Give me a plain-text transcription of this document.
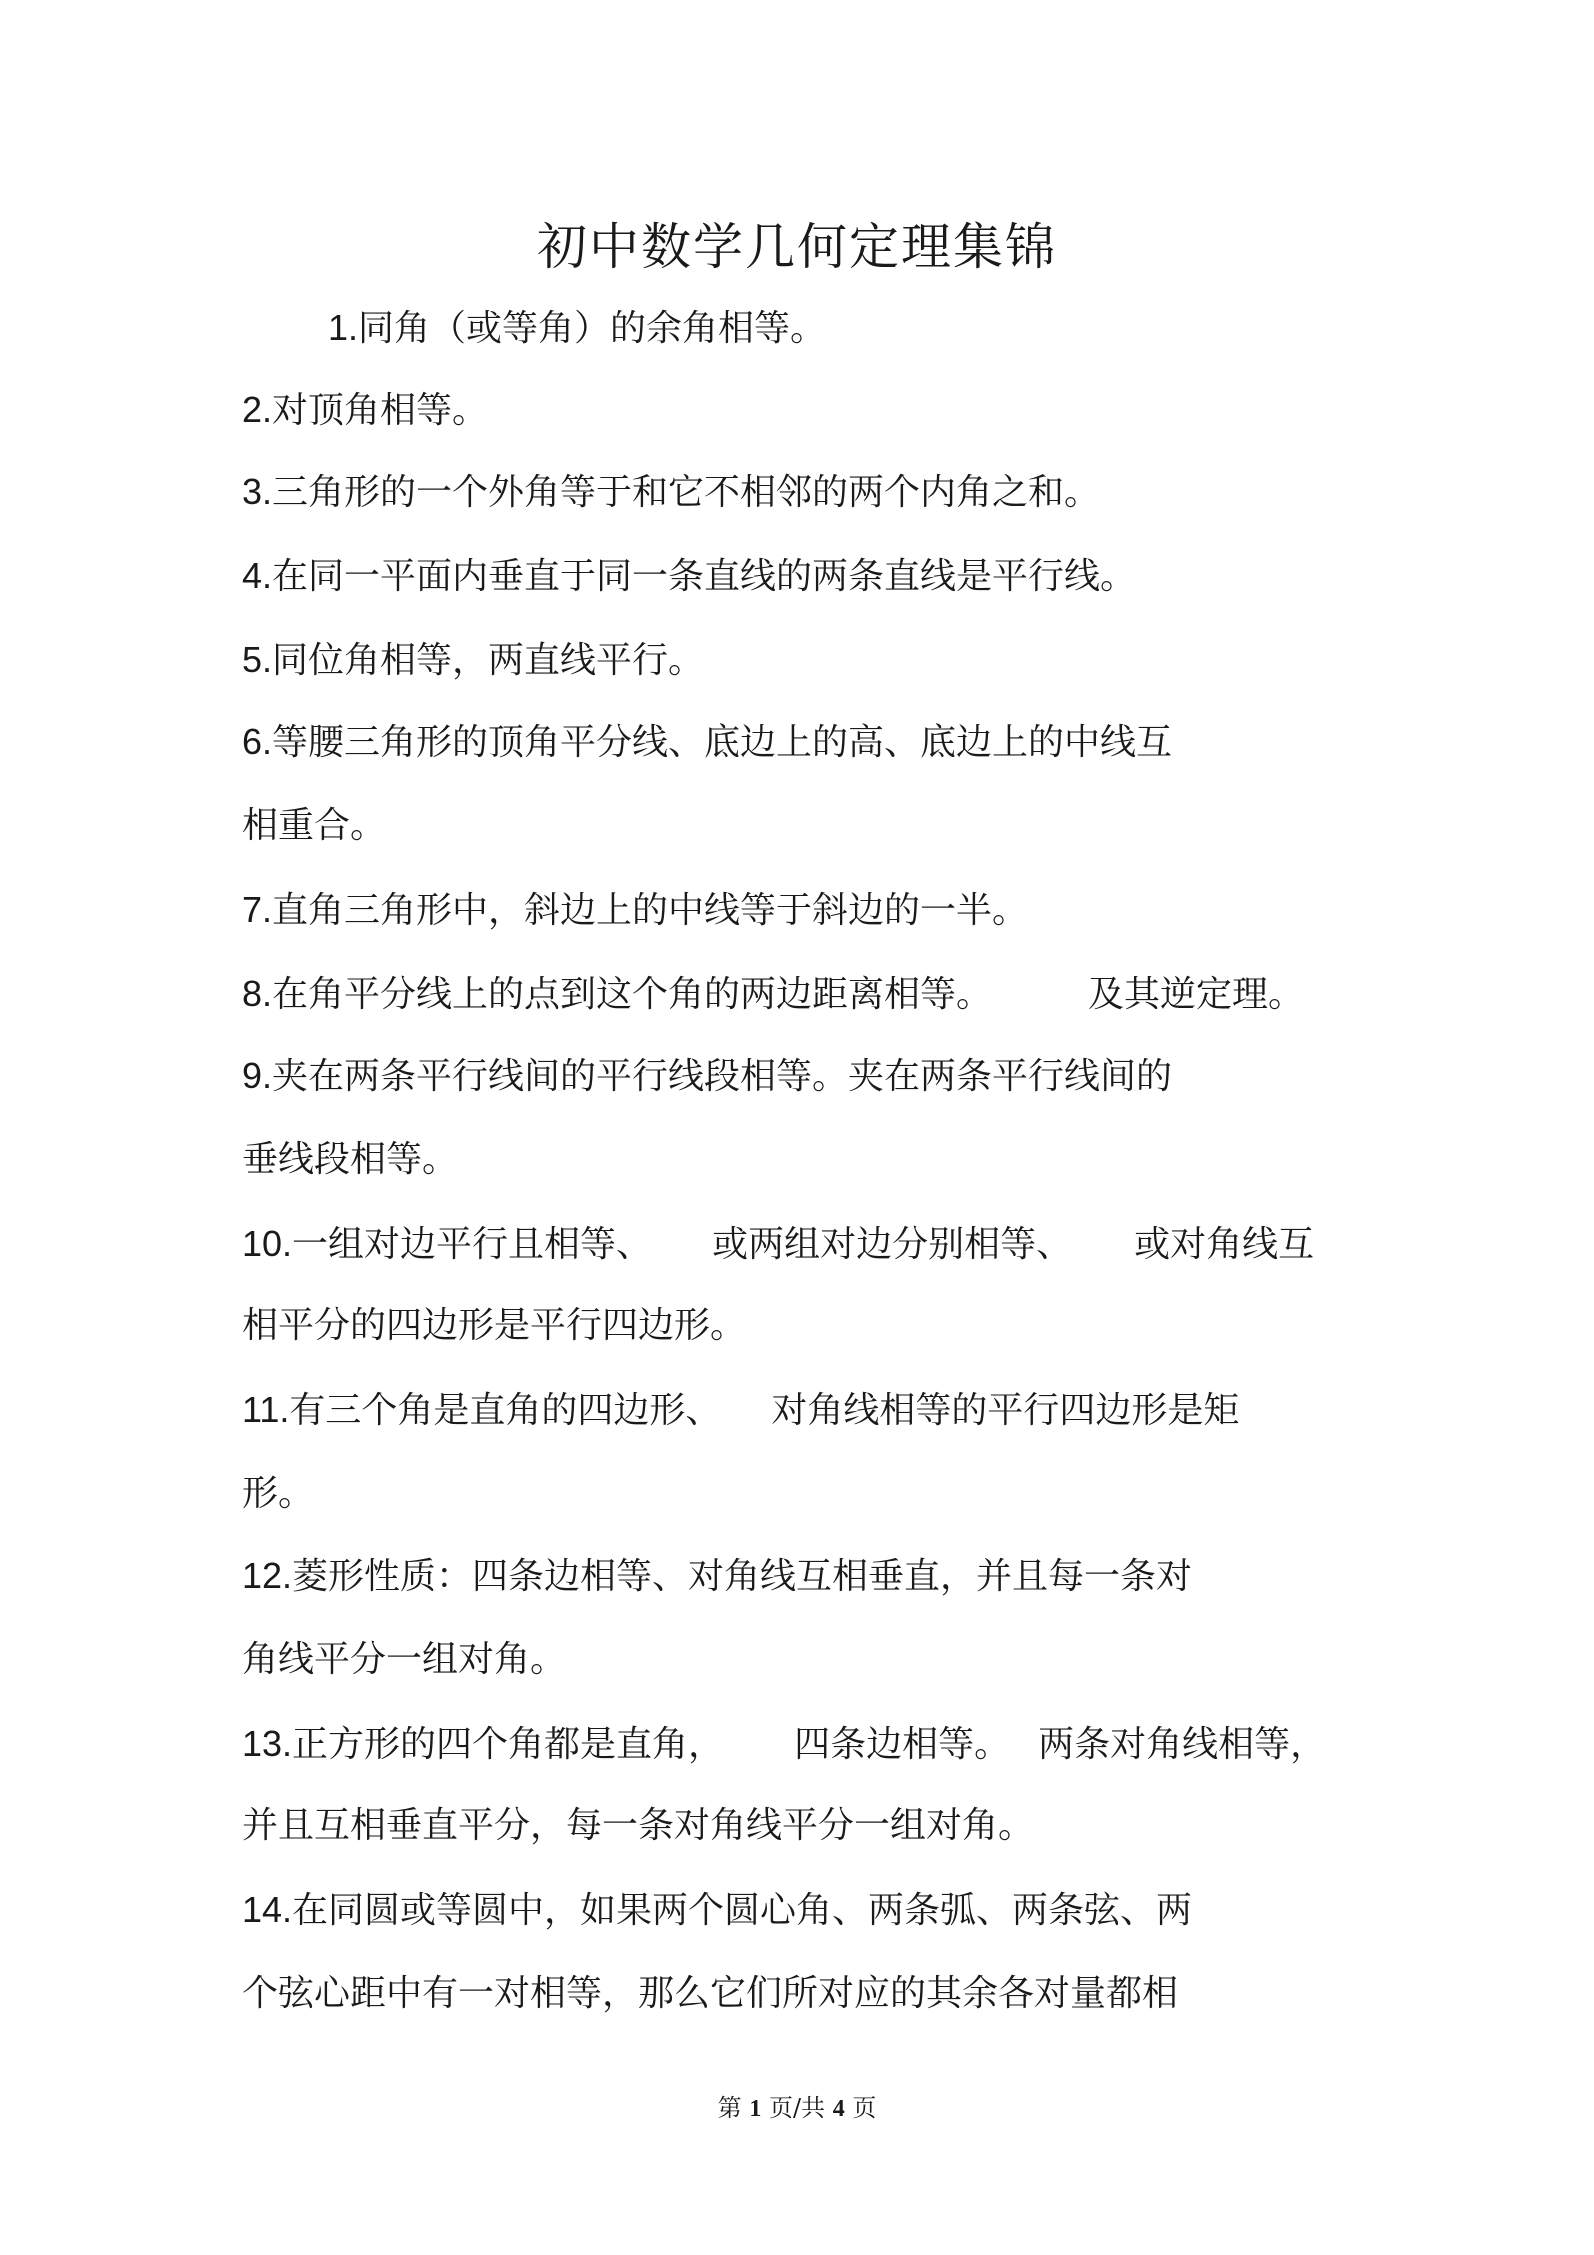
初中数学几何定理集锦
1.同角（或等角）的余角相等。
2.对顶角相等。
3.三角形的一个外角等于和它不相邻的两个内角之和。
4.在同一平面内垂直于同一条直线的两条直线是平行线。
5.同位角相等，两直线平行。
6.等腰三角形的顶角平分线、底边上的高、底边上的中线互
相重合。
7.直角三角形中，斜边上的中线等于斜边的一半。
8.在角平分线上的点到这个角的两边距离相等。	及其逆定理。
9.夹在两条平行线间的平行线段相等。夹在两条平行线间的
垂线段相等。
10.一组对边平行且相等、 或两组对边分别相等、 或对角线互
相平分的四边形是平行四边形。
11.有三个角是直角的四边形、 对角线相等的平行四边形是矩
形。
12.菱形性质：四条边相等、对角线互相垂直，并且每一条对
角线平分一组对角。
13.正方形的四个角都是直角， 四条边相等。 两条对角线相等，
并且互相垂直平分，每一条对角线平分一组对角。
14.在同圆或等圆中，如果两个圆心角、两条弧、两条弦、两
个弦心距中有一对相等，那么它们所对应的其余各对量都相
第 1 页/共 4 页
